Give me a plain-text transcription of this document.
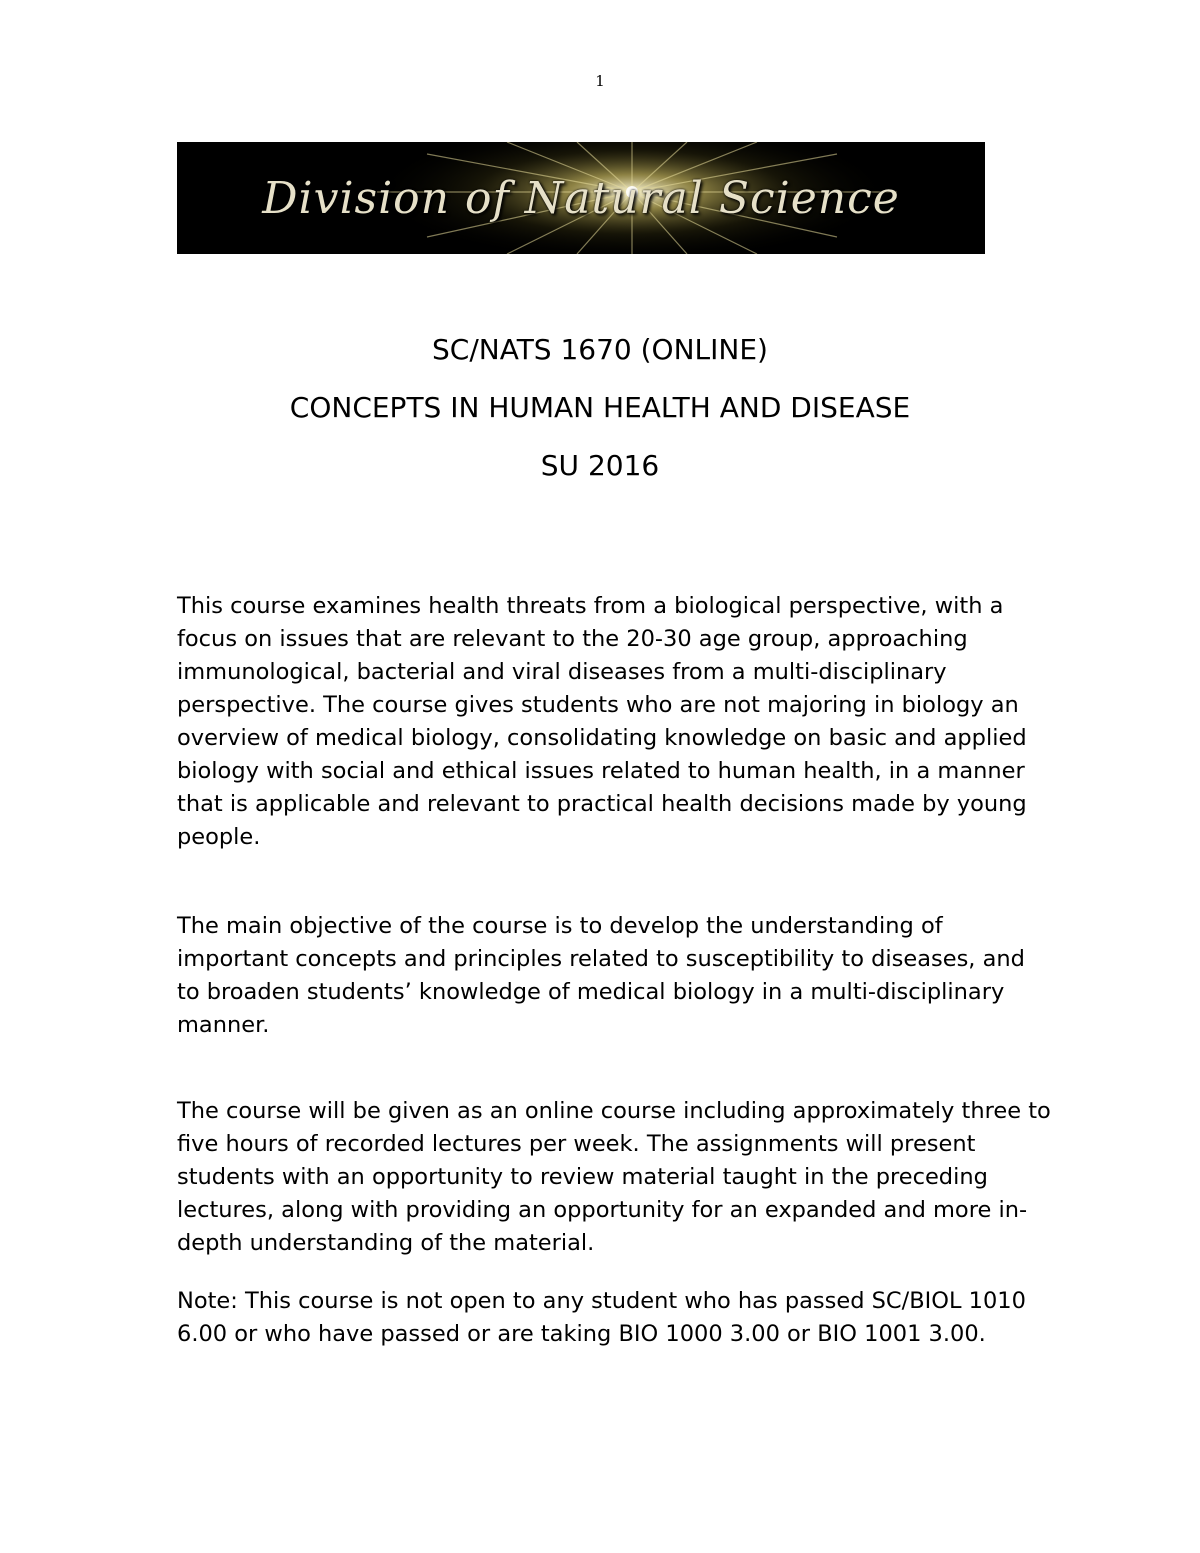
1
Division of Natural Science
SC/NATS 1670 (ONLINE)
CONCEPTS IN HUMAN HEALTH AND DISEASE
SU 2016
This course examines health threats from a biological perspective, with a
focus on issues that are relevant to the 20-30 age group, approaching
immunological, bacterial and viral diseases from a multi-disciplinary
perspective. The course gives students who are not majoring in biology an
overview of medical biology, consolidating knowledge on basic and applied
biology with social and ethical issues related to human health, in a manner
that is applicable and relevant to practical health decisions made by young
people.
The main objective of the course is to develop the understanding of
important concepts and principles related to susceptibility to diseases, and
to broaden students’ knowledge of medical biology in a multi-disciplinary
manner.
The course will be given as an online course including approximately three to
five hours of recorded lectures per week. The assignments will present
students with an opportunity to review material taught in the preceding
lectures, along with providing an opportunity for an expanded and more in-
depth understanding of the material.
Note: This course is not open to any student who has passed SC/BIOL 1010
6.00 or who have passed or are taking BIO 1000 3.00 or BIO 1001 3.00.
